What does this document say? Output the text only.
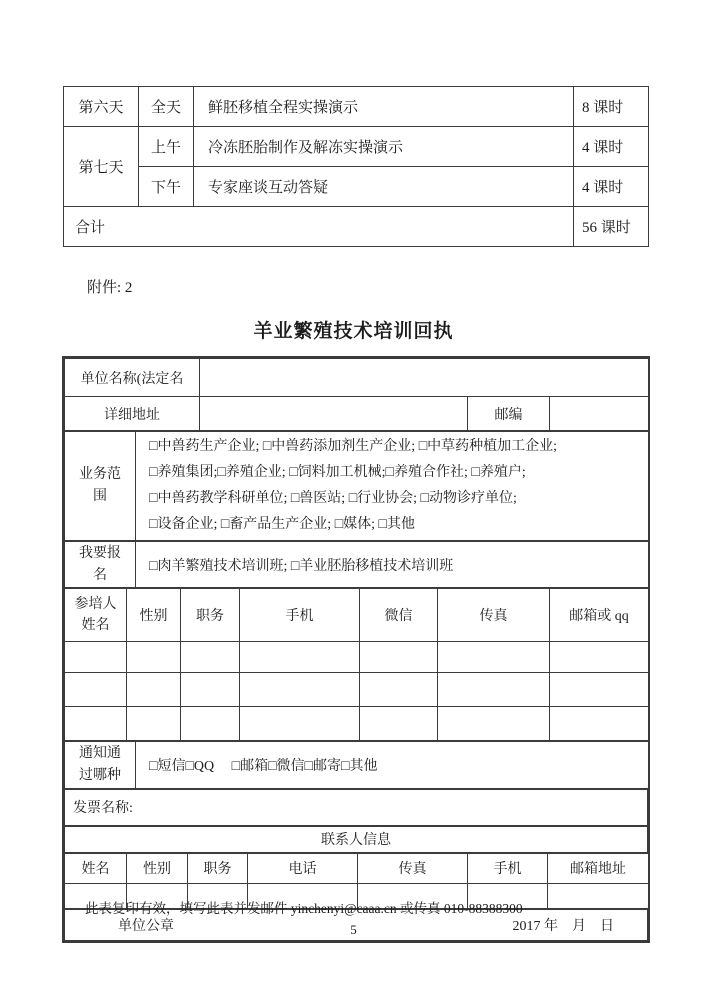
第六天	全天	鲜胚移植全程实操演示	8 课时
第七天	上午	冷冻胚胎制作及解冻实操演示	4 课时
	下午	专家座谈互动答疑	4 课时
合计			56 课时
附件: 2
羊业繁殖技术培训回执
单位名称(法定名			
详细地址		邮编	
业务范围	
□中兽药生产企业; □中兽药添加剂生产企业; □中草药种植加工企业;
□养殖集团;□养殖企业; □饲料加工机械;□养殖合作社; □养殖户;
□中兽药教学科研单位; □兽医站; □行业协会; □动物诊疗单位;
□设备企业; □畜产品生产企业; □媒体; □其他
我要报名	□肉羊繁殖技术培训班; □羊业胚胎移植技术培训班
参培人姓名	性别	职务	手机	微信	传真	邮箱或 qq

通知通过哪种	□短信□QQ　 □邮箱□微信□邮寄□其他
发票名称:
联系人信息
姓名	性别	职务	电话	传真	手机	邮箱地址

单位公章	2017 年　月　日
此表复印有效，填写此表并发邮件 yinchenyi@caaa.cn 或传真 010-88388300
5
